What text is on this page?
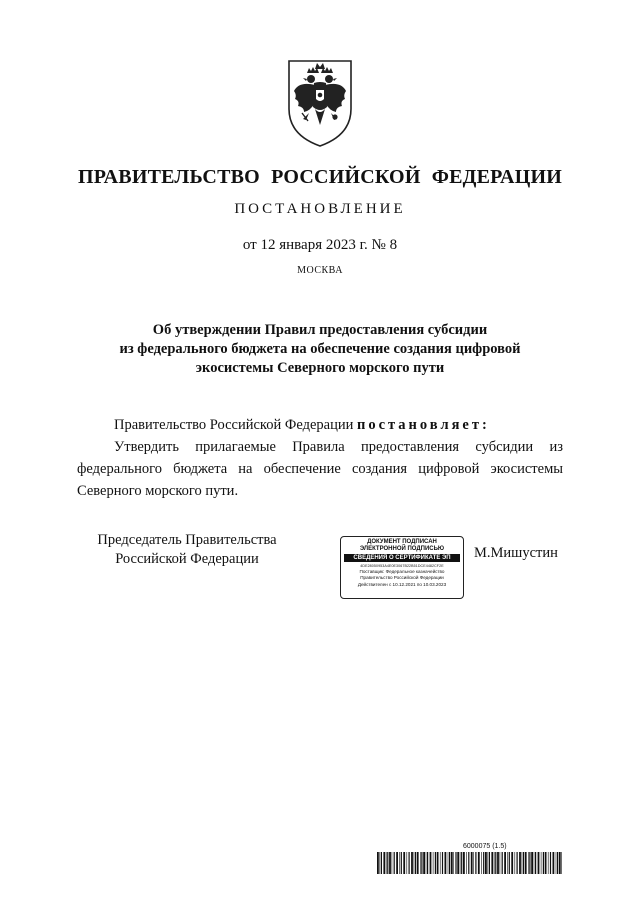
ПРАВИТЕЛЬСТВО РОССИЙСКОЙ ФЕДЕРАЦИИ
ПОСТАНОВЛЕНИЕ
от 12 января 2023 г. № 8
МОСКВА
Об утверждении Правил предоставления субсидии
из федерального бюджета на обеспечение создания цифровой
экосистемы Северного морского пути
Правительство Российской Федерации постановляет:
Утвердить прилагаемые Правила предоставления субсидии из федерального бюджета на обеспечение создания цифровой экосистемы Северного морского пути.
Председатель Правительства
Российской Федерации
ДОКУМЕНТ ПОДПИСАН
ЭЛЕКТРОННОЙ ПОДПИСЬЮ
СВЕДЕНИЯ О СЕРТИФИКАТЕ ЭП
4DE28050953A4E0E3067B22B51DCE4482CF2E
Поставщик: Федеральное казначейство
Правительство Российской Федерации
Действителен с 10.12.2021 по 10.03.2023
М.Мишустин
6000075 (1.5)
